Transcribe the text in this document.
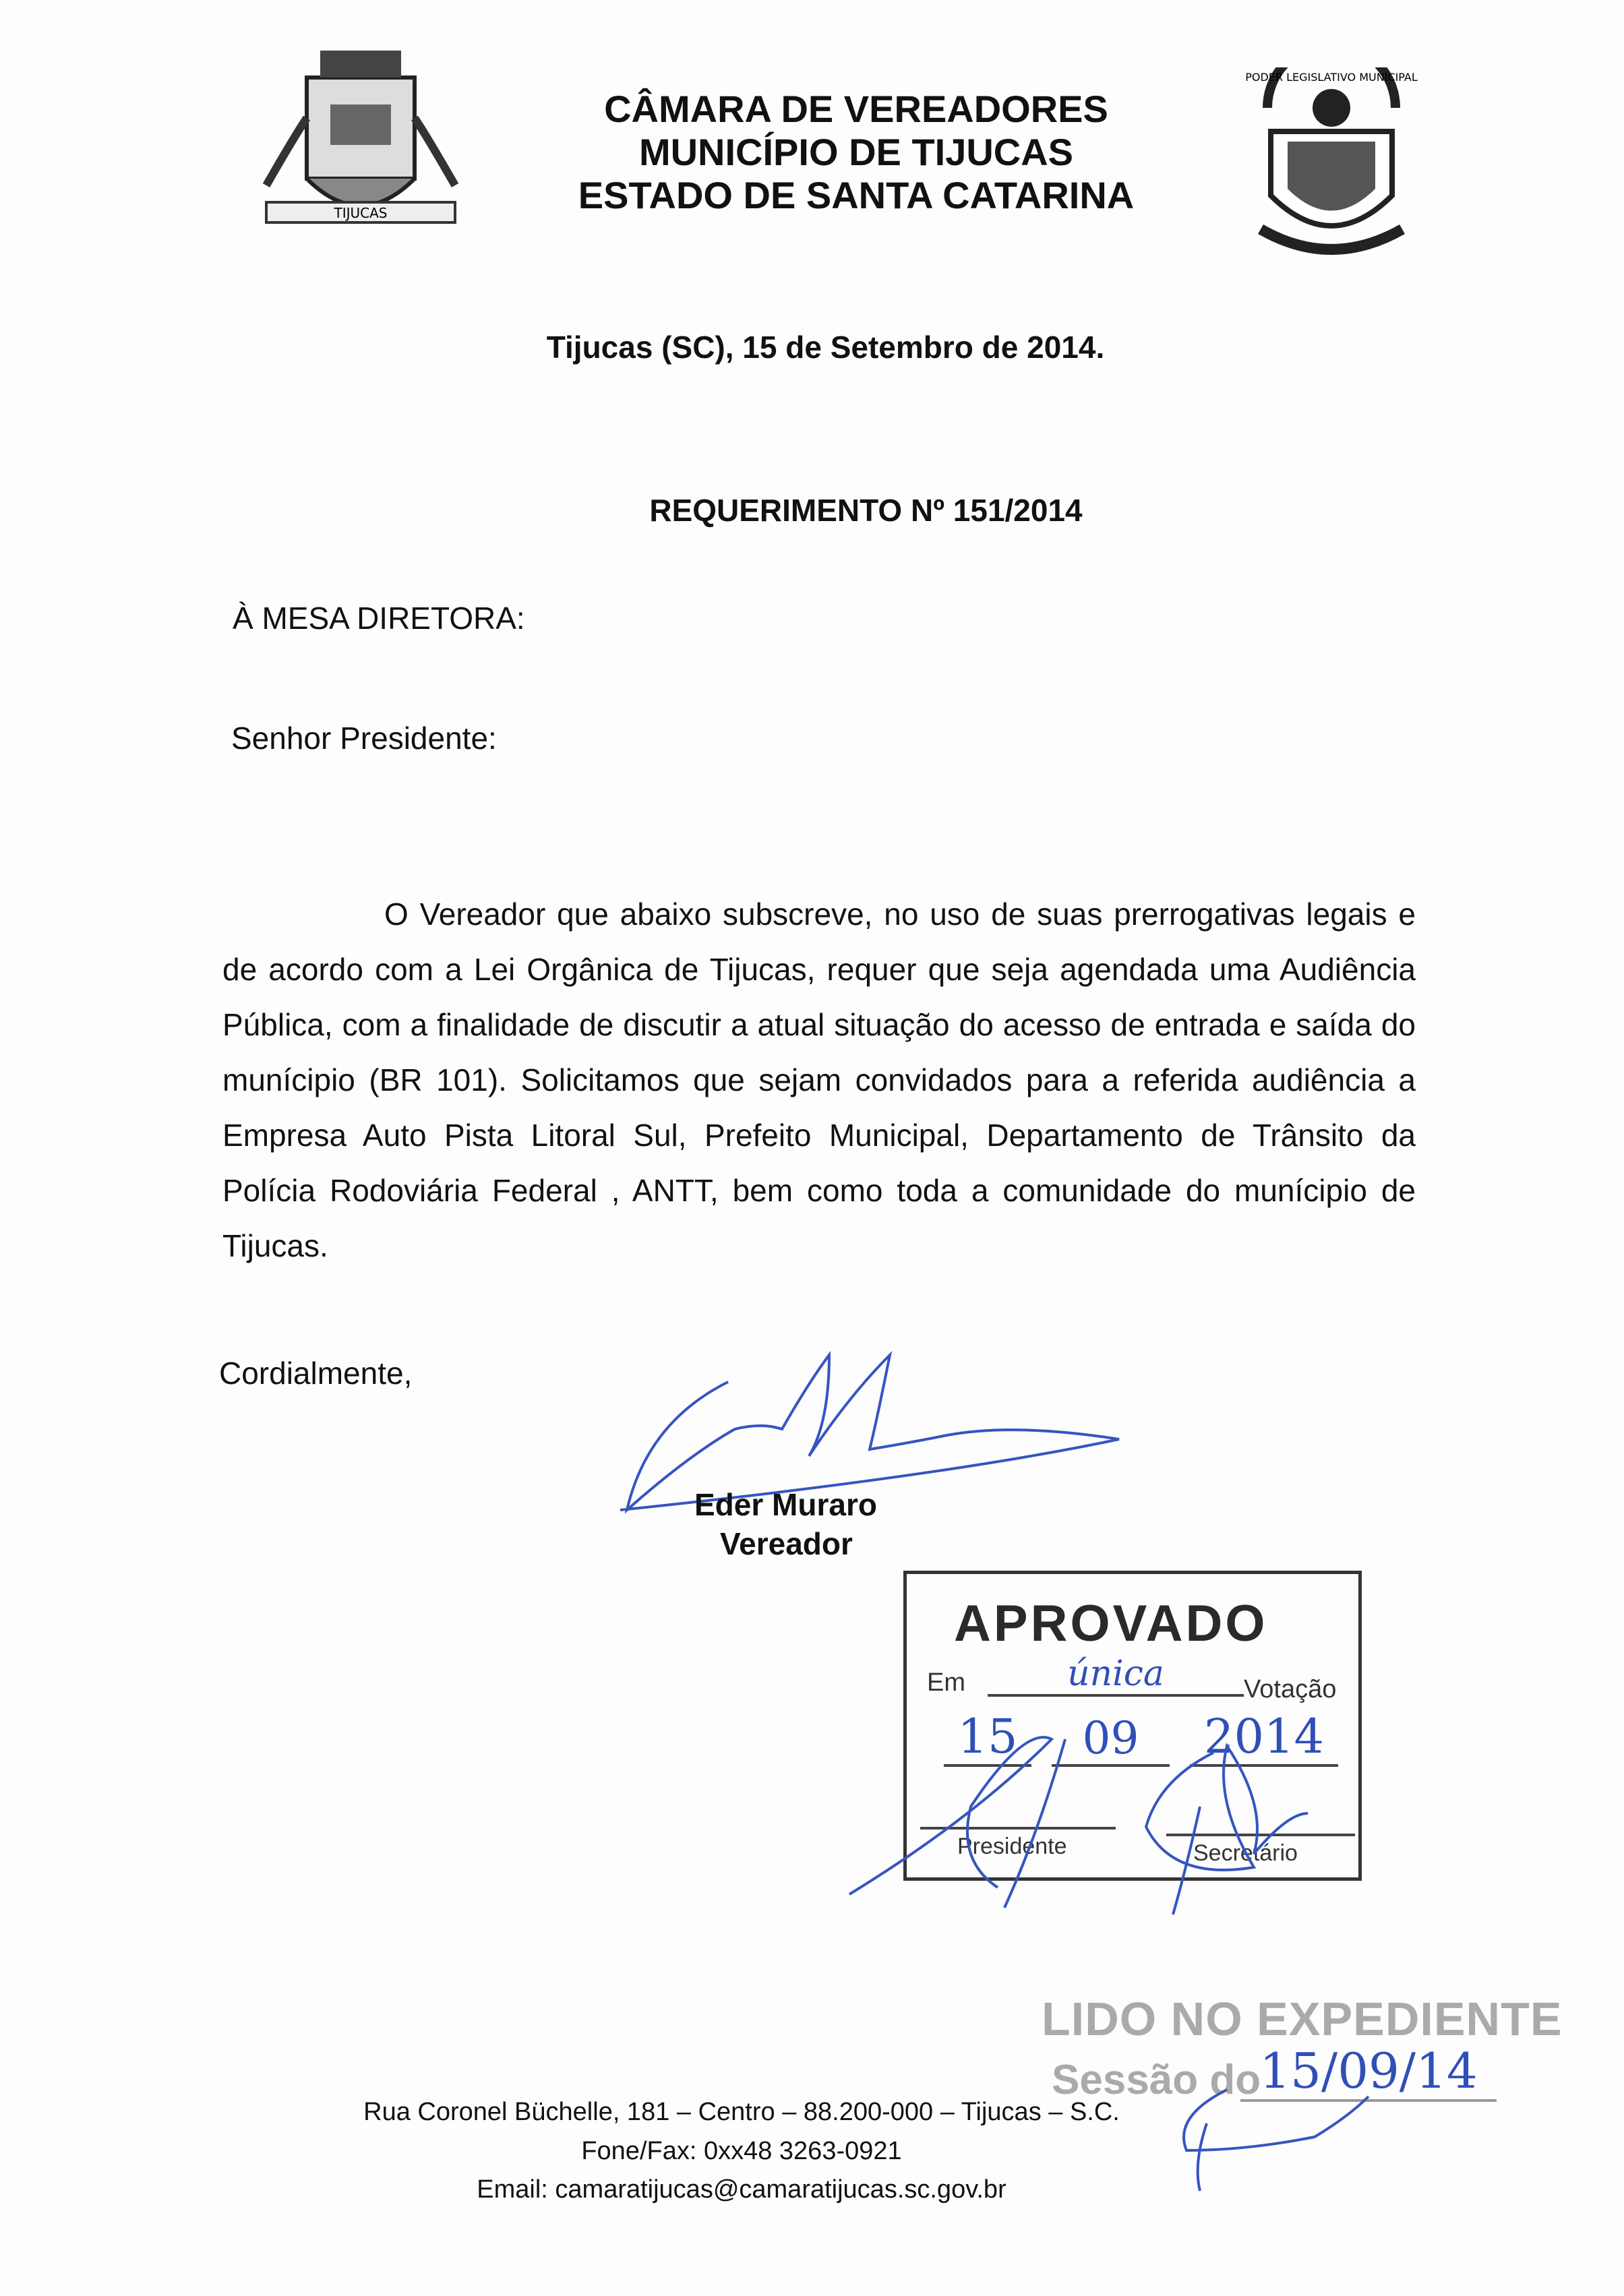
TIJUCAS
CÂMARA DE VEREADORES
MUNICÍPIO DE TIJUCAS
ESTADO DE SANTA CATARINA
PODER LEGISLATIVO MUNICIPAL
Tijucas (SC), 15 de Setembro de 2014.
REQUERIMENTO Nº 151/2014
À MESA DIRETORA:
Senhor Presidente:

O Vereador que abaixo subscreve, no uso de suas prerrogativas legais e de acordo com a Lei Orgânica de Tijucas, requer que seja agendada uma Audiência Pública, com a finalidade de discutir a atual situação do acesso de entrada e saída do munícipio (BR 101). Solicitamos que sejam convidados para a referida audiência a Empresa Auto Pista Litoral Sul, Prefeito Municipal, Departamento de Trânsito da Polícia Rodoviária Federal , ANTT, bem como toda a comunidade do munícipio de Tijucas.

Cordialmente,
Eder Muraro
Vereador
APROVADO
Em	única	Votação
15	09	2014
Presidente	Secretário
LIDO NO EXPEDIENTE
Sessão do
15/09/14
Rua Coronel Büchelle, 181 – Centro – 88.200-000 – Tijucas – S.C.
Fone/Fax: 0xx48 3263-0921
Email: camaratijucas@camaratijucas.sc.gov.br
